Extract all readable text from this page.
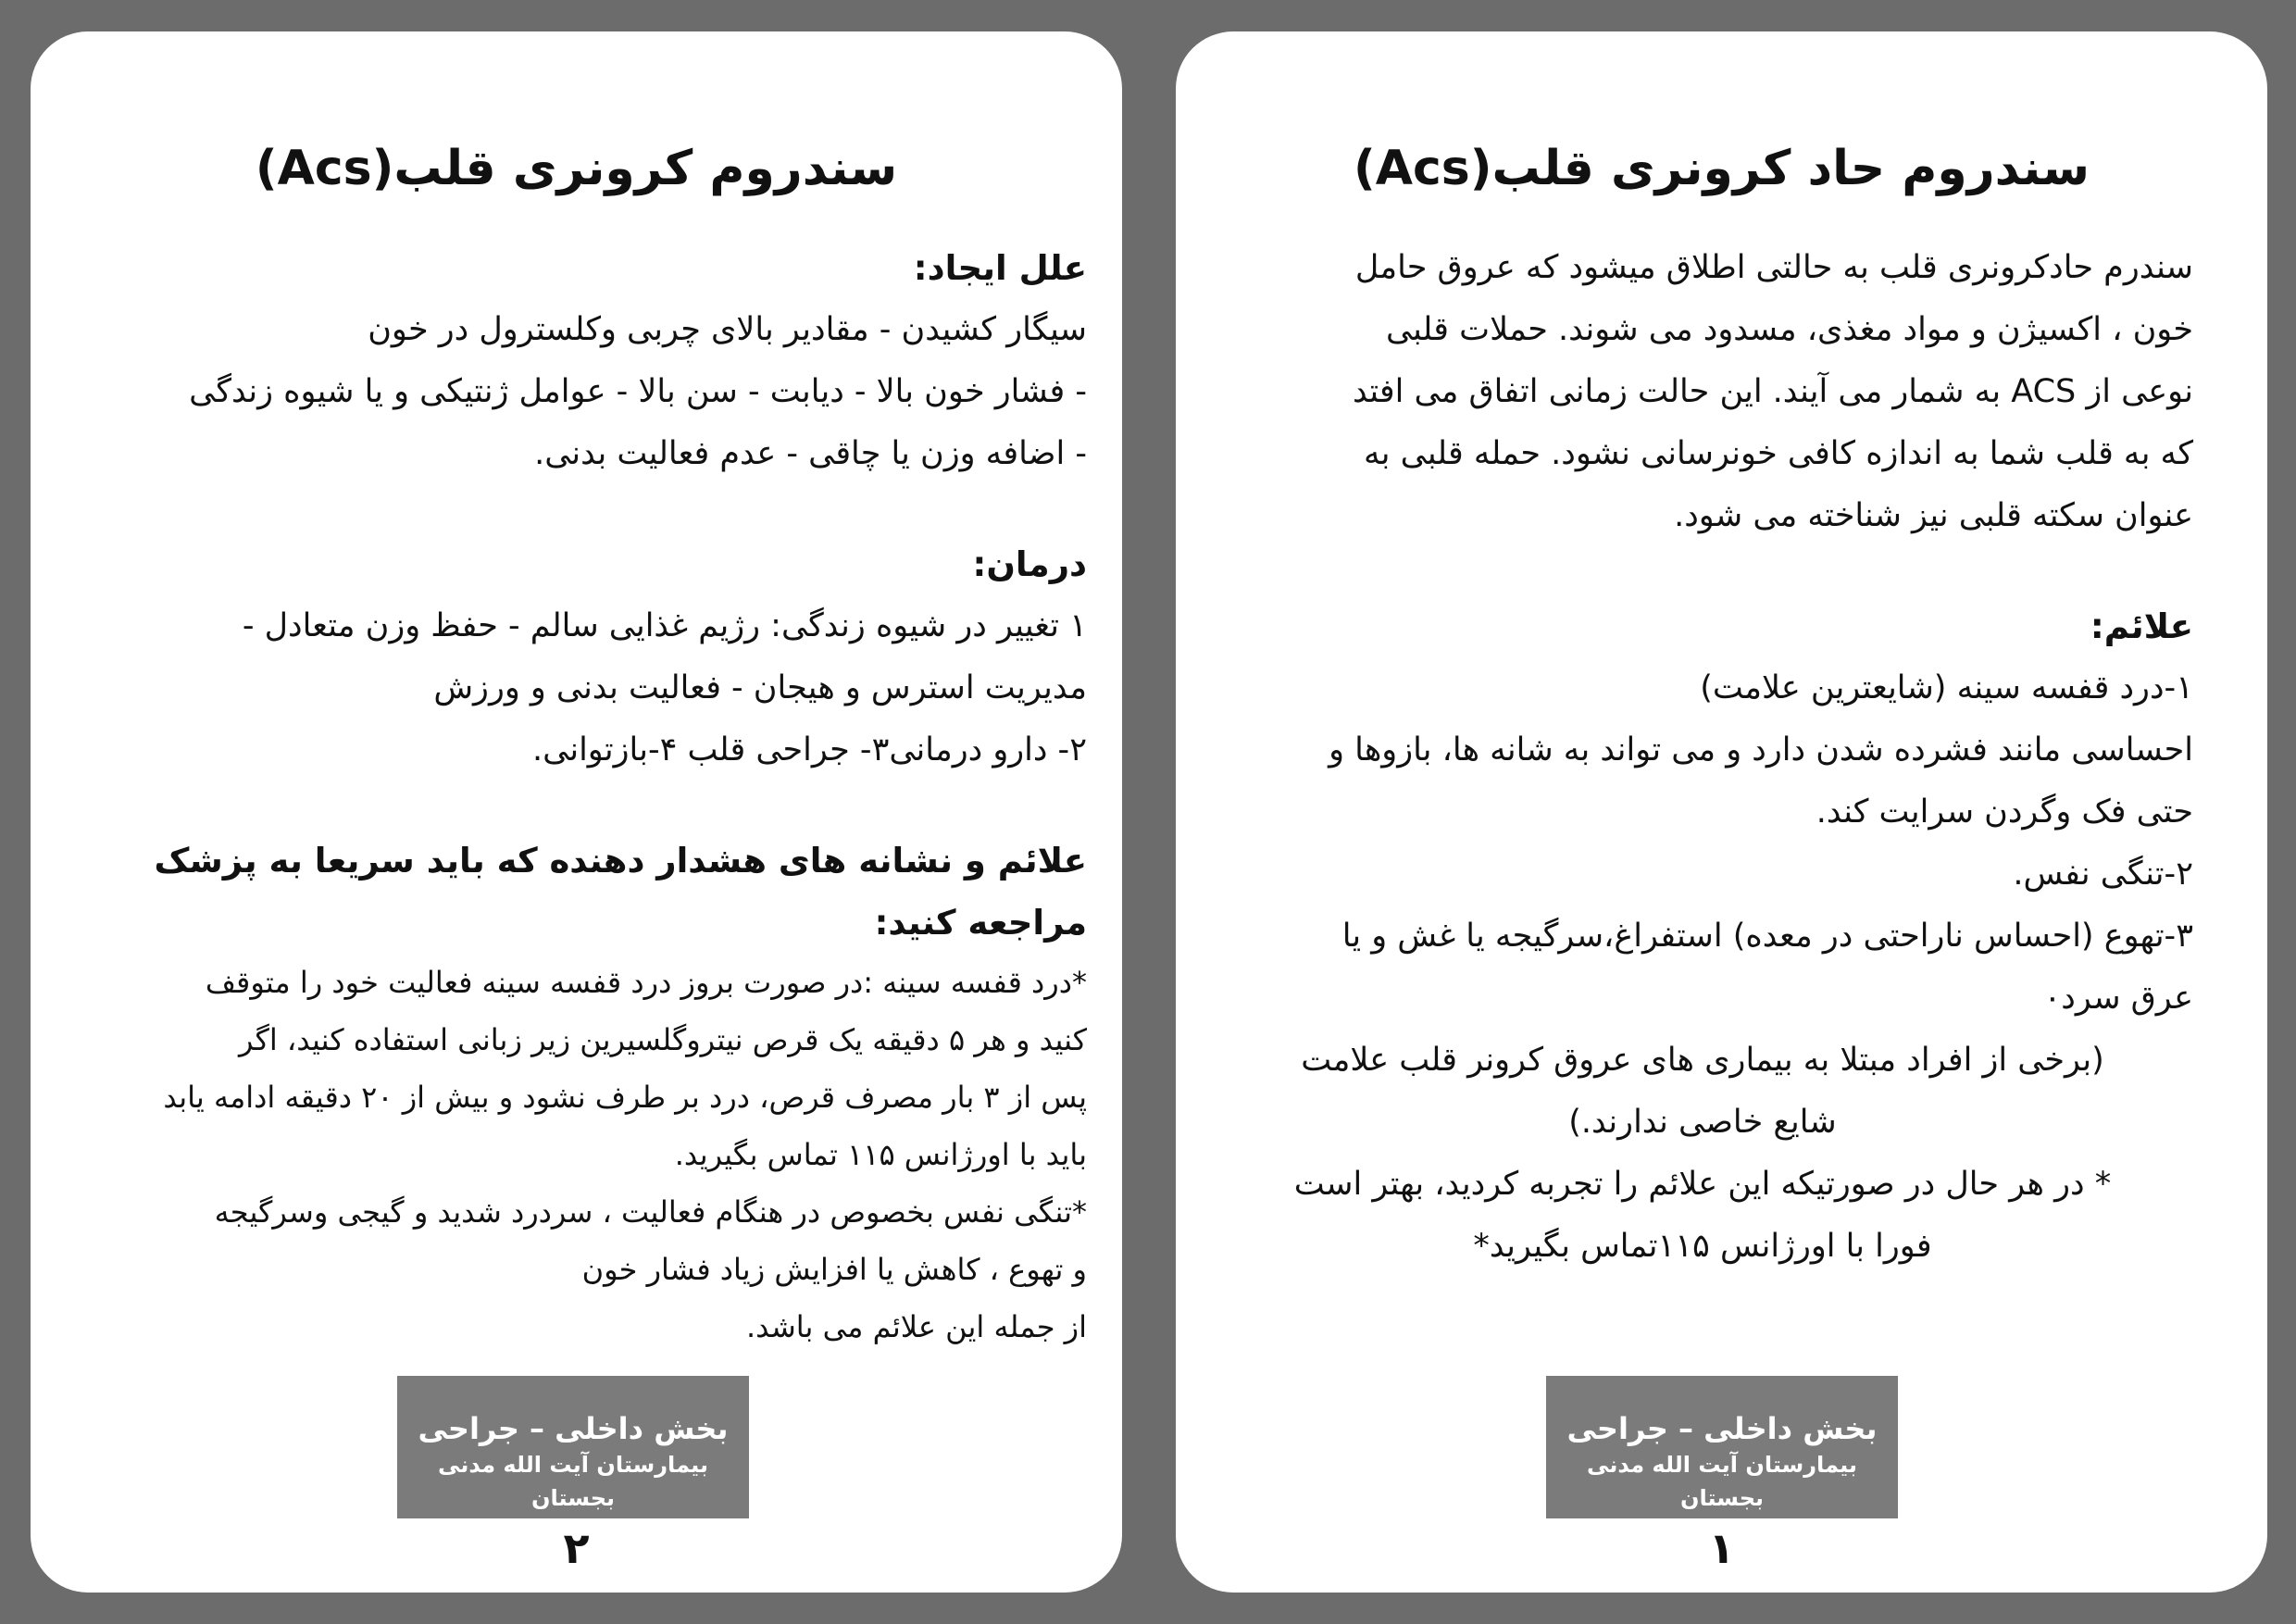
سندروم کرونری قلب(Acs)

علل ایجاد:

سیگار کشیدن - مقادیر بالای چربی وکلسترول در خون

- فشار خون بالا - دیابت - سن بالا - عوامل ژنتیکی و یا شیوه زندگی

- اضافه وزن یا چاقی - عدم فعالیت بدنی.

درمان:

۱ تغییر در شیوه زندگی: رژیم غذایی سالم - حفظ وزن متعادل -

مدیریت استرس و هیجان - فعالیت بدنی و ورزش

۲- دارو درمانی۳- جراحی قلب ۴-بازتوانی.

علائم و نشانه های هشدار دهنده که باید سریعا به پزشک

مراجعه کنید:

*درد قفسه سینه :در صورت بروز درد قفسه سینه فعالیت خود را متوقف

کنید و هر ۵ دقیقه یک قرص نیتروگلسیرین زیر زبانی استفاده کنید، اگر

پس از ۳ بار مصرف قرص، درد بر طرف نشود و بیش از ۲۰ دقیقه ادامه یابد

باید با اورژانس ۱۱۵ تماس بگیرید.

*تنگی نفس بخصوص در هنگام فعالیت ، سردرد شدید و گیجی وسرگیجه

و تهوع ، کاهش یا افزایش زیاد فشار خون

از جمله این علائم می باشد.

بخش داخلی – جراحی
بیمارستان آیت الله مدنی بجستان
۲
سندروم حاد کرونری قلب(Acs)

سندرم حادکرونری قلب به حالتی اطلاق میشود که عروق حامل

خون ، اکسیژن و مواد مغذی، مسدود می شوند. حملات قلبی

نوعی از ACS به شمار می آیند. این حالت زمانی اتفاق می افتد

که به قلب شما به اندازه کافی خونرسانی نشود. حمله قلبی به

عنوان سکته قلبی نیز شناخته می شود.

علائم:

۱-درد قفسه سینه (شایعترین علامت)

احساسی مانند فشرده شدن دارد و می تواند به شانه ها، بازوها و

حتی فک وگردن سرایت کند.

۲-تنگی نفس.

۳-تهوع (احساس ناراحتی در معده) استفراغ،سرگیجه یا غش و یا

عرق سرد٠

(برخی از افراد مبتلا به بیماری های عروق کرونر قلب علامت

شایع خاصی ندارند.)

* در هر حال در صورتیکه این علائم را تجربه کردید، بهتر است

فورا با اورژانس ۱۱۵تماس بگیرید*

بخش داخلی – جراحی
بیمارستان آیت الله مدنی بجستان
۱
